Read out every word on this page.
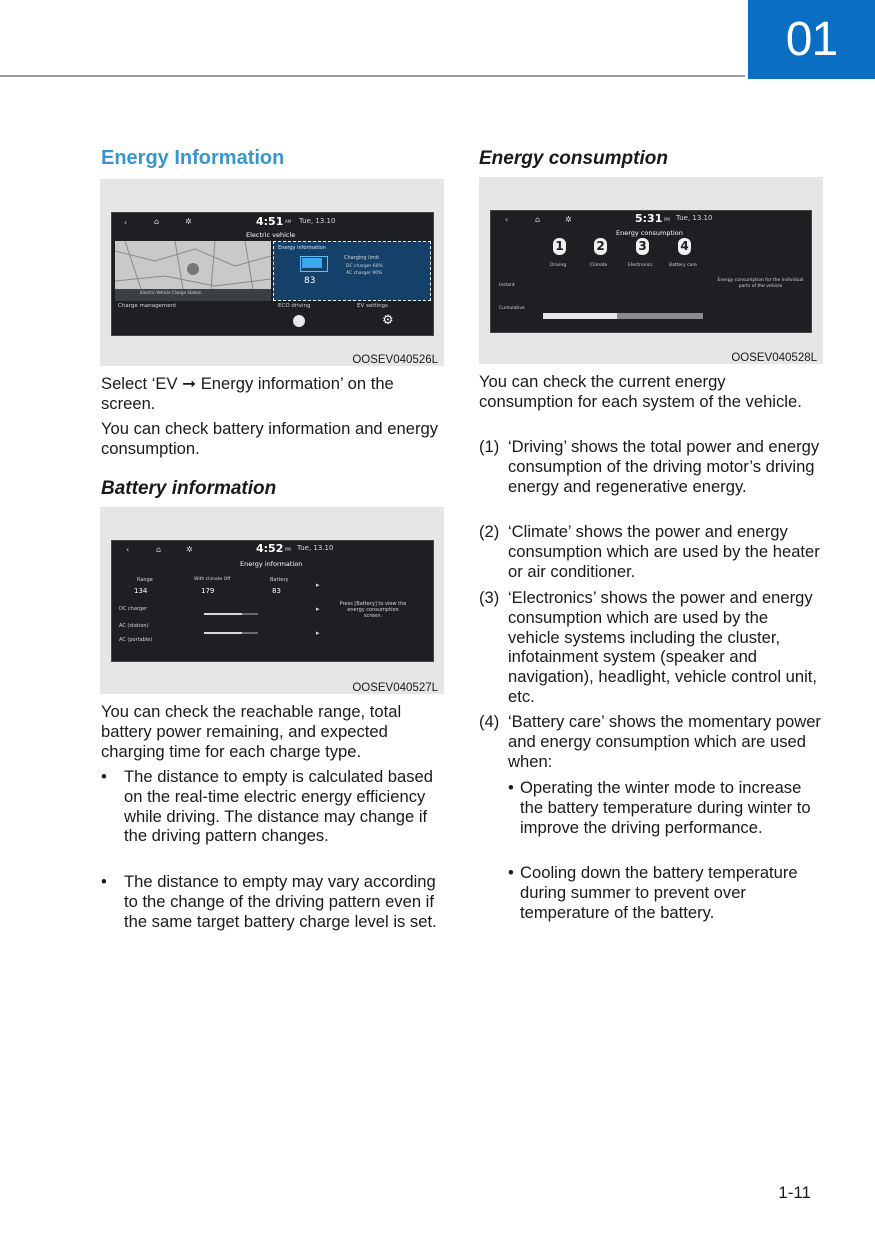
01
Energy Information
‹	⌂	✲	4:51 AM Tue, 13.10
Electric vehicle
Electric Vehicle Charge Station
Energy information
83
Charging limit
DC charger 60%
AC charger 90%
Charge management	ECO driving	EV settings
⚙
OOSEV040526L
Select ‘EV ➞ Energy information’ on the
screen.

You can check battery information and energy consumption.

Battery information
‹	⌂	✲	4:52 PM Tue, 13.10
Energy information
Range
134
With climate Off
179
Battery
83
▸
DC charger
AC (station)
AC (portable)
▸
▸
Press [Battery] to view the energy consumption screen.
OOSEV040527L

You can check the reachable range, total battery power remaining, and expected charging time for each charge type.

• The distance to empty is calculated based on the real-time electric energy efficiency while driving. The distance may change if the driving pattern changes.
• The distance to empty may vary according to the change of the driving pattern even if the same target battery charge level is set.
Energy consumption
‹	⌂	✲	5:31 PM Tue, 13.10
Energy consumption
1	2	3	4
Driving	Climate	Electronics	Battery care
Instant
Cumulative
Energy consumption for the individual parts of the vehicle
OOSEV040528L

You can check the current energy consumption for each system of the vehicle.

(1) ‘Driving’ shows the total power and energy consumption of the driving motor’s driving energy and regenerative energy.
(2) ‘Climate’ shows the power and energy consumption which are used by the heater or air conditioner.
(3) ‘Electronics’ shows the power and energy consumption which are used by the vehicle systems including the cluster, infotainment system (speaker and navigation), headlight, vehicle control unit, etc.
(4) ‘Battery care’ shows the momentary power and energy consumption which are used when:
• Operating the winter mode to increase the battery temperature during winter to improve the driving performance.
• Cooling down the battery temperature during summer to prevent over temperature of the battery.
1-11
